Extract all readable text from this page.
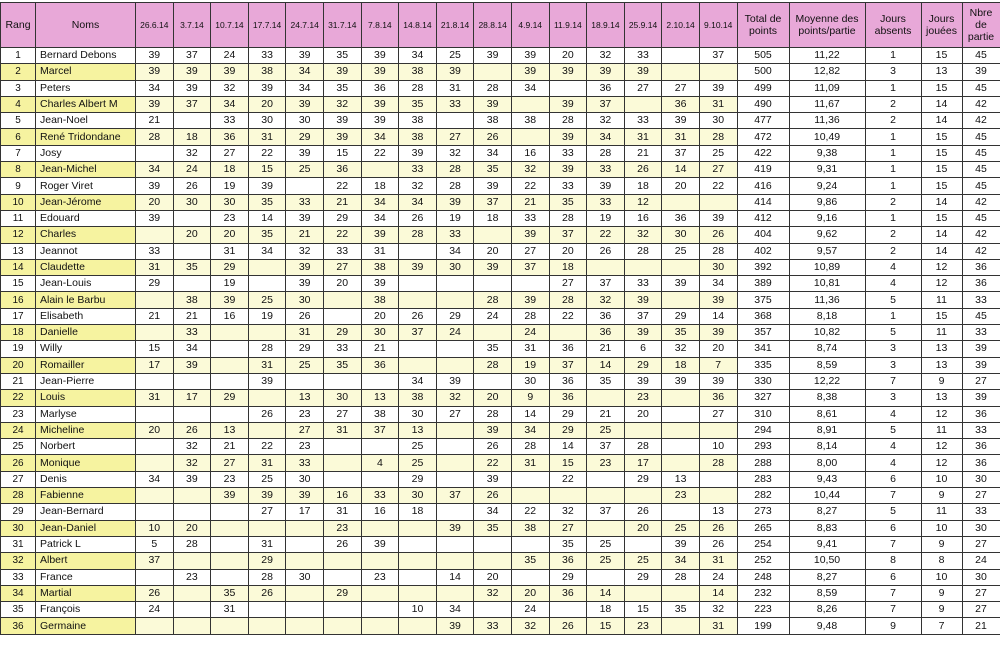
Rang	Noms	26.6.14	3.7.14	10.7.14	17.7.14	24.7.14	31.7.14	7.8.14	14.8.14	21.8.14	28.8.14	4.9.14	11.9.14	18.9.14	25.9.14	2.10.14	9.10.14	Total de points	Moyenne des points/partie	Jours absents	Jours jouées	Nbre de partie
1	Bernard Debons	39	37	24	33	39	35	39	34	25	39	39	20	32	33		37	505	11,22	1	15	45
2	Marcel	39	39	39	38	34	39	39	38	39		39	39	39	39			500	12,82	3	13	39
3	Peters	34	39	32	39	34	35	36	28	31	28	34		36	27	27	39	499	11,09	1	15	45
4	Charles Albert M	39	37	34	20	39	32	39	35	33	39		39	37		36	31	490	11,67	2	14	42
5	Jean-Noel	21		33	30	30	39	39	38		38	38	28	32	33	39	30	477	11,36	2	14	42
6	René Tridondane	28	18	36	31	29	39	34	38	27	26		39	34	31	31	28	472	10,49	1	15	45
7	Josy		32	27	22	39	15	22	39	32	34	16	33	28	21	37	25	422	9,38	1	15	45
8	Jean-Michel	34	24	18	15	25	36		33	28	35	32	39	33	26	14	27	419	9,31	1	15	45
9	Roger Viret	39	26	19	39		22	18	32	28	39	22	33	39	18	20	22	416	9,24	1	15	45
10	Jean-Jérome	20	30	30	35	33	21	34	34	39	37	21	35	33	12			414	9,86	2	14	42
11	Edouard	39		23	14	39	29	34	26	19	18	33	28	19	16	36	39	412	9,16	1	15	45
12	Charles		20	20	35	21	22	39	28	33		39	37	22	32	30	26	404	9,62	2	14	42
13	Jeannot	33		31	34	32	33	31		34	20	27	20	26	28	25	28	402	9,57	2	14	42
14	Claudette	31	35	29		39	27	38	39	30	39	37	18				30	392	10,89	4	12	36
15	Jean-Louis	29		19		39	20	39					27	37	33	39	34	389	10,81	4	12	36
16	Alain le Barbu		38	39	25	30		38			28	39	28	32	39		39	375	11,36	5	11	33
17	Elisabeth	21	21	16	19	26		20	26	29	24	28	22	36	37	29	14	368	8,18	1	15	45
18	Danielle		33			31	29	30	37	24		24		36	39	35	39	357	10,82	5	11	33
19	Willy	15	34		28	29	33	21			35	31	36	21	6	32	20	341	8,74	3	13	39
20	Romailler	17	39		31	25	35	36			28	19	37	14	29	18	7	335	8,59	3	13	39
21	Jean-Pierre				39				34	39		30	36	35	39	39	39	330	12,22	7	9	27
22	Louis	31	17	29		13	30	13	38	32	20	9	36		23		36	327	8,38	3	13	39
23	Marlyse				26	23	27	38	30	27	28	14	29	21	20		27	310	8,61	4	12	36
24	Micheline	20	26	13		27	31	37	13		39	34	29	25				294	8,91	5	11	33
25	Norbert		32	21	22	23			25		26	28	14	37	28		10	293	8,14	4	12	36
26	Monique		32	27	31	33		4	25		22	31	15	23	17		28	288	8,00	4	12	36
27	Denis	34	39	23	25	30			29		39		22		29	13		283	9,43	6	10	30
28	Fabienne			39	39	39	16	33	30	37	26					23		282	10,44	7	9	27
29	Jean-Bernard				27	17	31	16	18		34	22	32	37	26		13	273	8,27	5	11	33
30	Jean-Daniel	10	20				23			39	35	38	27		20	25	26	265	8,83	6	10	30
31	Patrick L	5	28		31		26	39					35	25		39	26	254	9,41	7	9	27
32	Albert	37			29							35	36	25	25	34	31	252	10,50	8	8	24
33	France		23		28	30		23		14	20		29		29	28	24	248	8,27	6	10	30
34	Martial	26		35	26		29				32	20	36	14			14	232	8,59	7	9	27
35	François	24		31					10	34		24		18	15	35	32	223	8,26	7	9	27
36	Germaine									39	33	32	26	15	23		31	199	9,48	9	7	21
